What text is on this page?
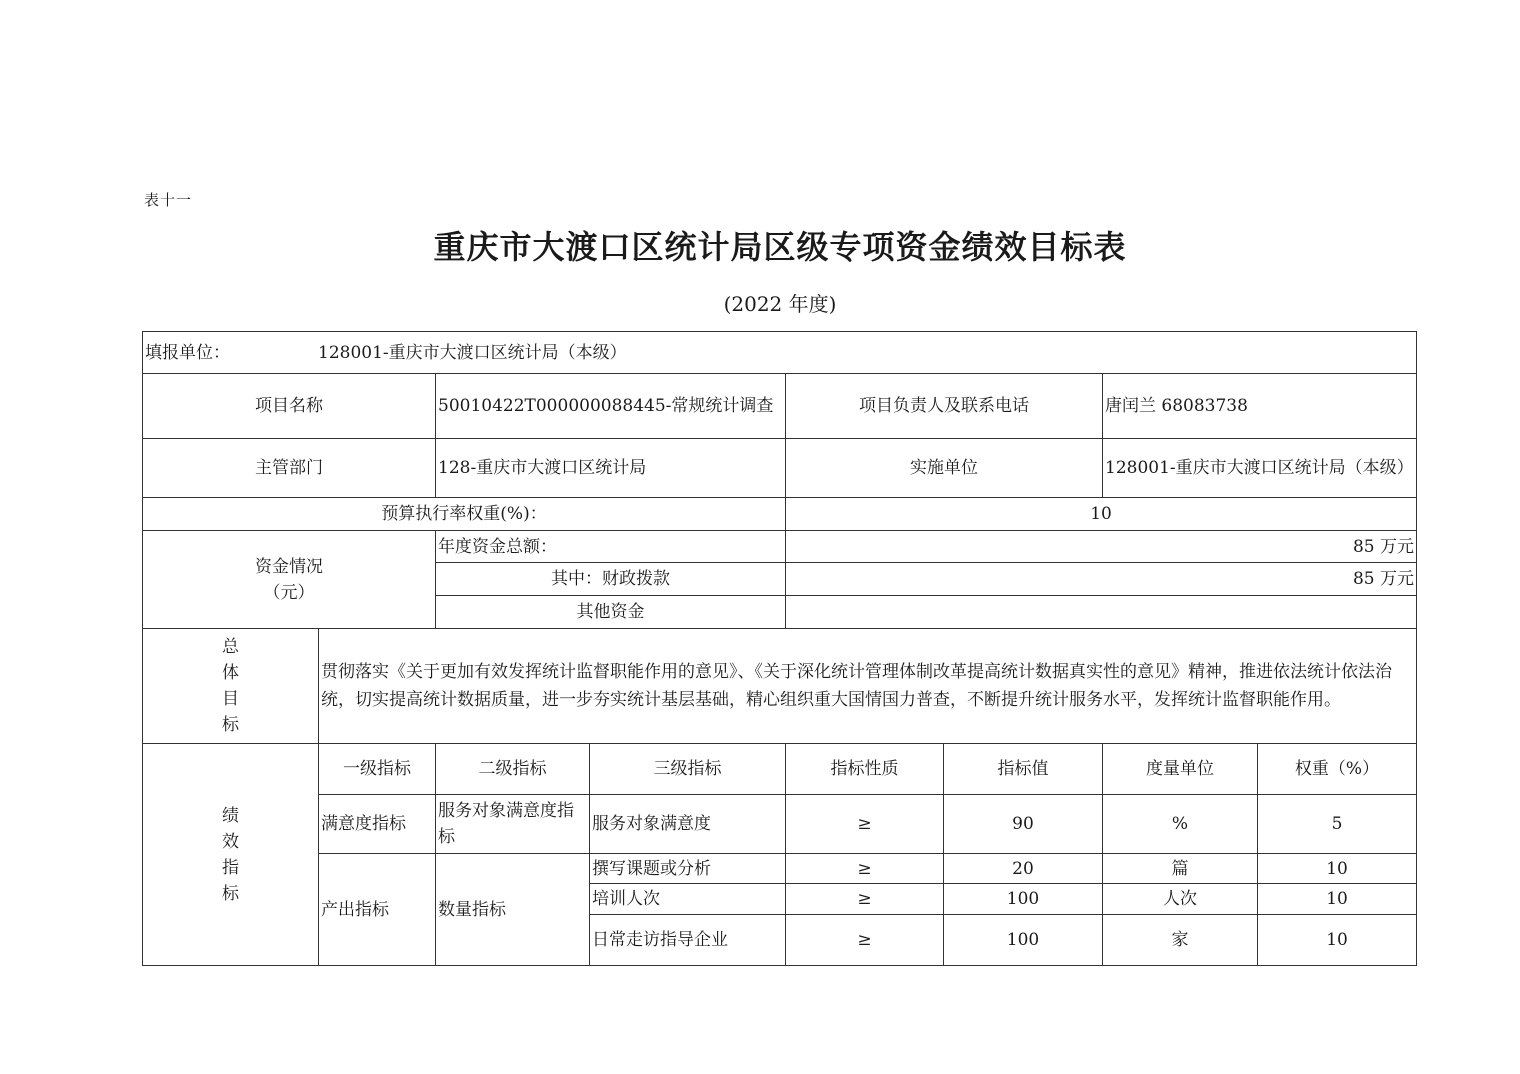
表十一
重庆市大渡口区统计局区级专项资金绩效目标表
(2022 年度)
填报单位： 128001-重庆市大渡口区统计局（本级）							
项目名称		50010422T000000088445-常规统计调查		项目负责人及联系电话		唐闰兰 68083738	
主管部门		128-重庆市大渡口区统计局		实施单位		128001-重庆市大渡口区统计局（本级）	
预算执行率权重(%)：				10			
资金情况
（元）		年度资金总额：		85 万元			
		其中：财政拨款		85 万元			
		其他资金					

总
体
目
标	贯彻落实《关于更加有效发挥统计监督职能作用的意见》、《关于深化统计管理体制改革提高统计数据真实性的意见》精神，推进依法统计依法治统，切实提高统计数据质量，进一步夯实统计基层基础，精心组织重大国情国力普查，不断提升统计服务水平，发挥统计监督职能作用。						

绩
效
指
标	一级指标	二级指标	三级指标	指标性质	指标值	度量单位	权重（%）
	满意度指标	服务对象满意度指标	服务对象满意度	≥	90	%	5
	产出指标	数量指标	撰写课题或分析	≥	20	篇	10
			培训人次	≥	100	人次	10
			日常走访指导企业	≥	100	家	10
